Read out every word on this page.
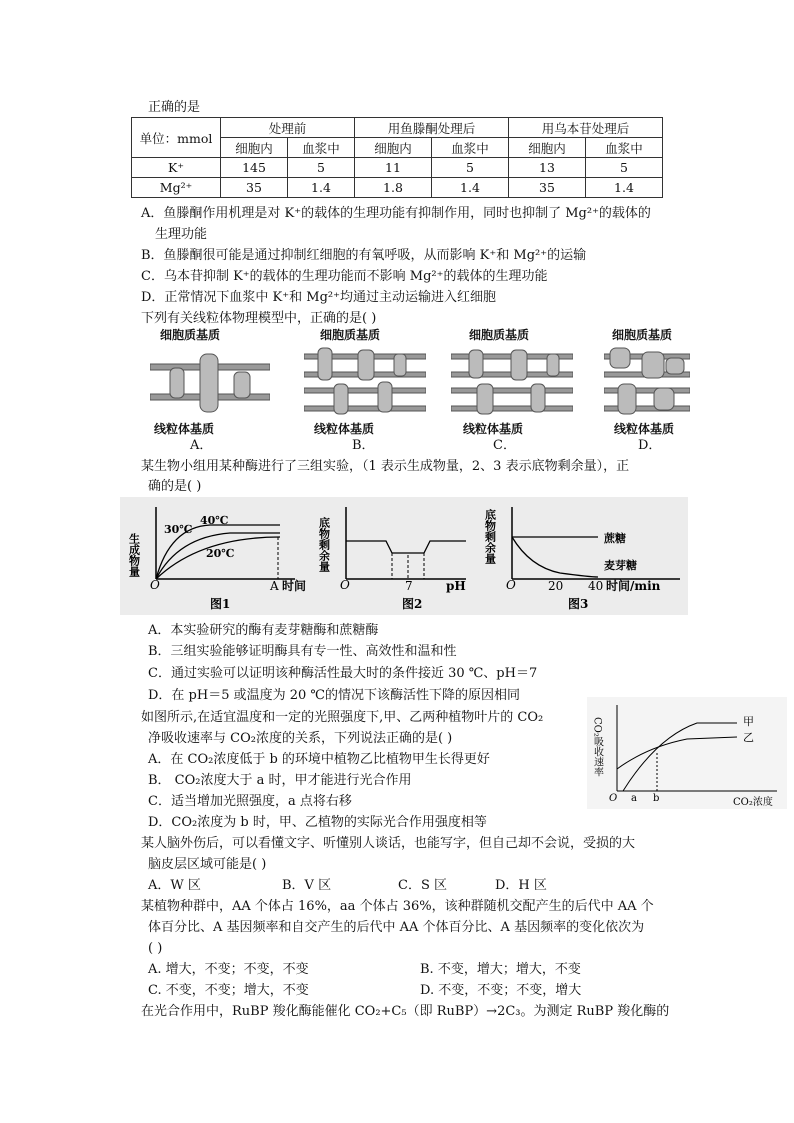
正确的是
单位：mmol	处理前		用鱼滕酮处理后		用乌本苷处理后	
	细胞内	血浆中	细胞内	血浆中	细胞内	血浆中
K⁺	145	5	11	5	13	5
Mg²⁺	35	1.4	1.8	1.4	35	1.4
A．鱼滕酮作用机理是对 K⁺的载体的生理功能有抑制作用，同时也抑制了 Mg²⁺的载体的
生理功能
B．鱼滕酮很可能是通过抑制红细胞的有氧呼吸，从而影响 K⁺和 Mg²⁺的运输
C．乌本苷抑制 K⁺的载体的生理功能而不影响 Mg²⁺的载体的生理功能
D．正常情况下血浆中 K⁺和 Mg²⁺均通过主动运输进入红细胞
下列有关线粒体物理模型中，正确的是( )
细胞质基质
线粒体基质
A．
细胞质基质
线粒体基质
B．
细胞质基质
线粒体基质
C．
细胞质基质
线粒体基质
D．
某生物小组用某种酶进行了三组实验，（1 表示生成物量，2、3 表示底物剩余量），正
确的是( )
生成物量
O	A 时间
40℃
30℃
20℃
图1
底物剩余量
O	7	pH
图2
底物剩余量
O	20 40 时间/min
蔗糖
麦芽糖
图3
A．本实验研究的酶有麦芽糖酶和蔗糖酶
B．三组实验能够证明酶具有专一性、高效性和温和性
C．通过实验可以证明该种酶活性最大时的条件接近 30 ℃、pH＝7
D．在 pH＝5 或温度为 20 ℃的情况下该酶活性下降的原因相同
如图所示,在适宜温度和一定的光照强度下,甲、乙两种植物叶片的 CO₂
净吸收速率与 CO₂浓度的关系，下列说法正确的是( )	CO₂吸收速率
O a b	CO₂浓度
甲
乙
A．在 CO₂浓度低于 b 的环境中植物乙比植物甲生长得更好
B． CO₂浓度大于 a 时，甲才能进行光合作用
C．适当增加光照强度，a 点将右移
D．CO₂浓度为 b 时，甲、乙植物的实际光合作用强度相等
某人脑外伤后，可以看懂文字、听懂别人谈话，也能写字，但自己却不会说，受损的大
脑皮层区域可能是( )
A．W 区	B．V 区	C．S 区	D．H 区
某植物种群中，AA 个体占 16%，aa 个体占 36%，该种群随机交配产生的后代中 AA 个
体百分比、A 基因频率和自交产生的后代中 AA 个体百分比、A 基因频率的变化依次为
( )
A. 增大，不变；不变，不变	B. 不变，增大；增大，不变
C. 不变，不变；增大，不变	D. 不变，不变；不变，增大
在光合作用中，RuBP 羧化酶能催化 CO₂+C₅（即 RuBP）→2C₃。为测定 RuBP 羧化酶的
